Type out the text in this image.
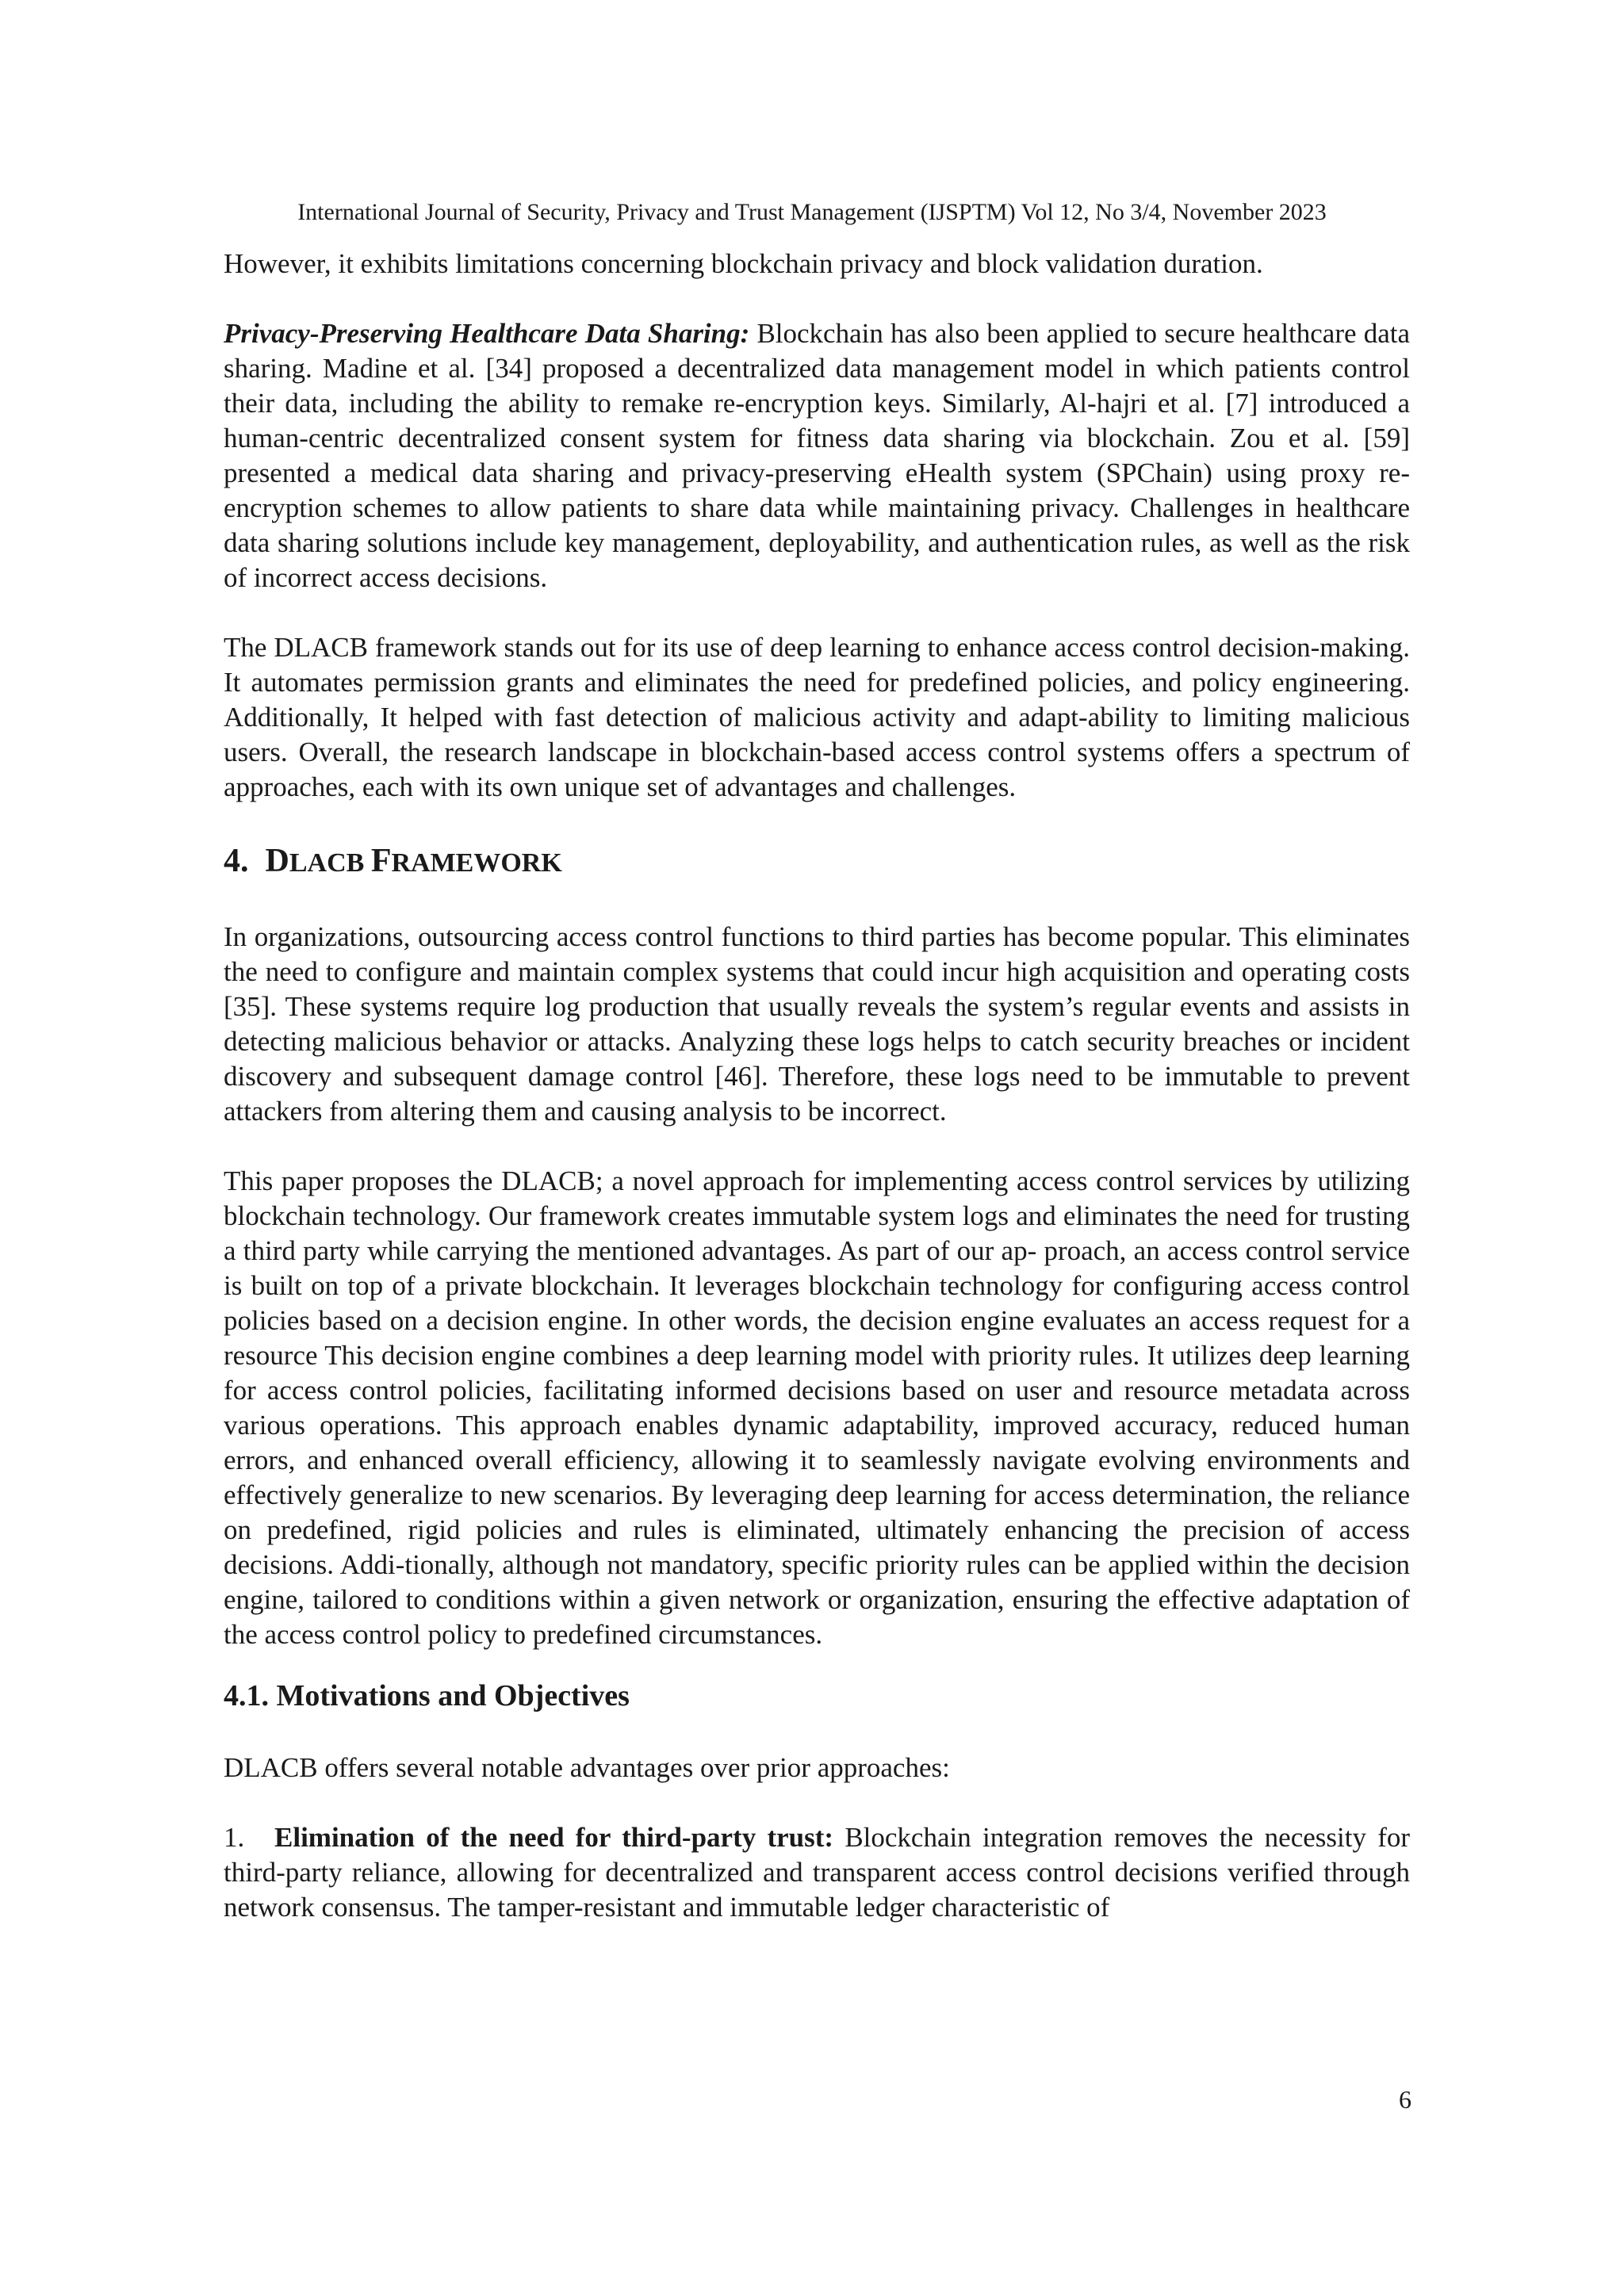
International Journal of Security, Privacy and Trust Management (IJSPTM) Vol 12, No 3/4, November 2023

However, it exhibits limitations concerning blockchain privacy and block validation duration.

Privacy-Preserving Healthcare Data Sharing: Blockchain has also been applied to secure healthcare data sharing. Madine et al. [34] proposed a decentralized data management model in which patients control their data, including the ability to remake re-encryption keys. Similarly, Al-hajri et al. [7] introduced a human-centric decentralized consent system for fitness data sharing via blockchain. Zou et al. [59] presented a medical data sharing and privacy-preserving eHealth system (SPChain) using proxy re-encryption schemes to allow patients to share data while maintaining privacy. Challenges in healthcare data sharing solutions include key management, deployability, and authentication rules, as well as the risk of incorrect access decisions.

The DLACB framework stands out for its use of deep learning to enhance access control decision-making. It automates permission grants and eliminates the need for predefined policies, and policy engineering. Additionally, It helped with fast detection of malicious activity and adapt-ability to limiting malicious users. Overall, the research landscape in blockchain-based access control systems offers a spectrum of approaches, each with its own unique set of advantages and challenges.

4. DLACB FRAMEWORK

In organizations, outsourcing access control functions to third parties has become popular. This eliminates the need to configure and maintain complex systems that could incur high acquisition and operating costs [35]. These systems require log production that usually reveals the system’s regular events and assists in detecting malicious behavior or attacks. Analyzing these logs helps to catch security breaches or incident discovery and subsequent damage control [46]. Therefore, these logs need to be immutable to prevent attackers from altering them and causing analysis to be incorrect.

This paper proposes the DLACB; a novel approach for implementing access control services by utilizing blockchain technology. Our framework creates immutable system logs and eliminates the need for trusting a third party while carrying the mentioned advantages. As part of our ap- proach, an access control service is built on top of a private blockchain. It leverages blockchain technology for configuring access control policies based on a decision engine. In other words, the decision engine evaluates an access request for a resource This decision engine combines a deep learning model with priority rules. It utilizes deep learning for access control policies, facilitating informed decisions based on user and resource metadata across various operations. This approach enables dynamic adaptability, improved accuracy, reduced human errors, and enhanced overall efficiency, allowing it to seamlessly navigate evolving environments and effectively generalize to new scenarios. By leveraging deep learning for access determination, the reliance on predefined, rigid policies and rules is eliminated, ultimately enhancing the precision of access decisions. Addi-tionally, although not mandatory, specific priority rules can be applied within the decision engine, tailored to conditions within a given network or organization, ensuring the effective adaptation of the access control policy to predefined circumstances.

4.1. Motivations and Objectives

DLACB offers several notable advantages over prior approaches:

1. Elimination of the need for third-party trust: Blockchain integration removes the necessity for third-party reliance, allowing for decentralized and transparent access control decisions verified through network consensus. The tamper-resistant and immutable ledger characteristic of

6
